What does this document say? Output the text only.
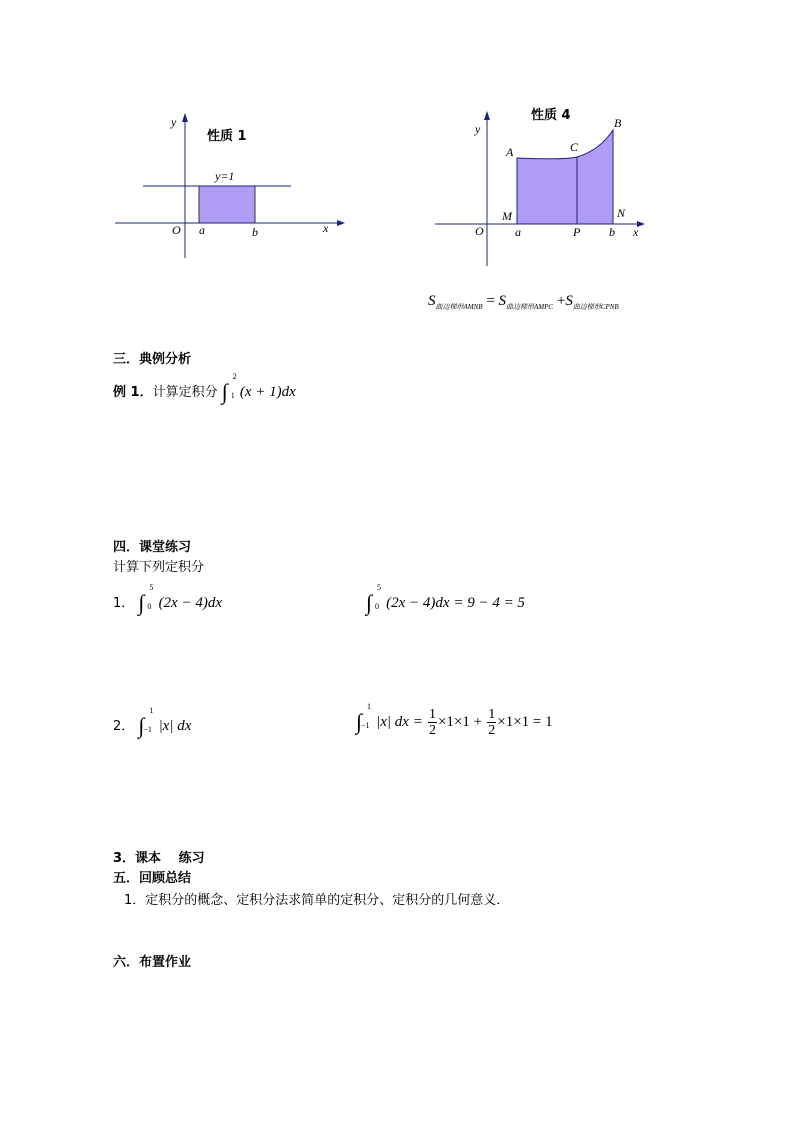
y
性质 1
y=1
O a	b	x
性质 4
y	B
C
A
M	N
O	a	P b x
$S_{曲边梯形AMNB} = S_{曲边梯形AMPC} +S_{曲边梯形CPNB}$
三．典例分析
例 1．计算定积分 ∫
2
1 (x + 1)dx
四．课堂练习
计算下列定积分
1． ∫
5
0 (2x − 4)dx	∫
5
0 (2x − 4)dx = 9 − 4 = 5
2． ∫
1
−1 |x| dx	∫
1
−1 |x| dx = $\frac{1}{2} \times 1\times 1 + \frac{1}{2} \times 1\times 1 = 1$
3．课本　 练习
五．回顾总结
1．定积分的概念、定积分法求简单的定积分、定积分的几何意义．
六．布置作业
